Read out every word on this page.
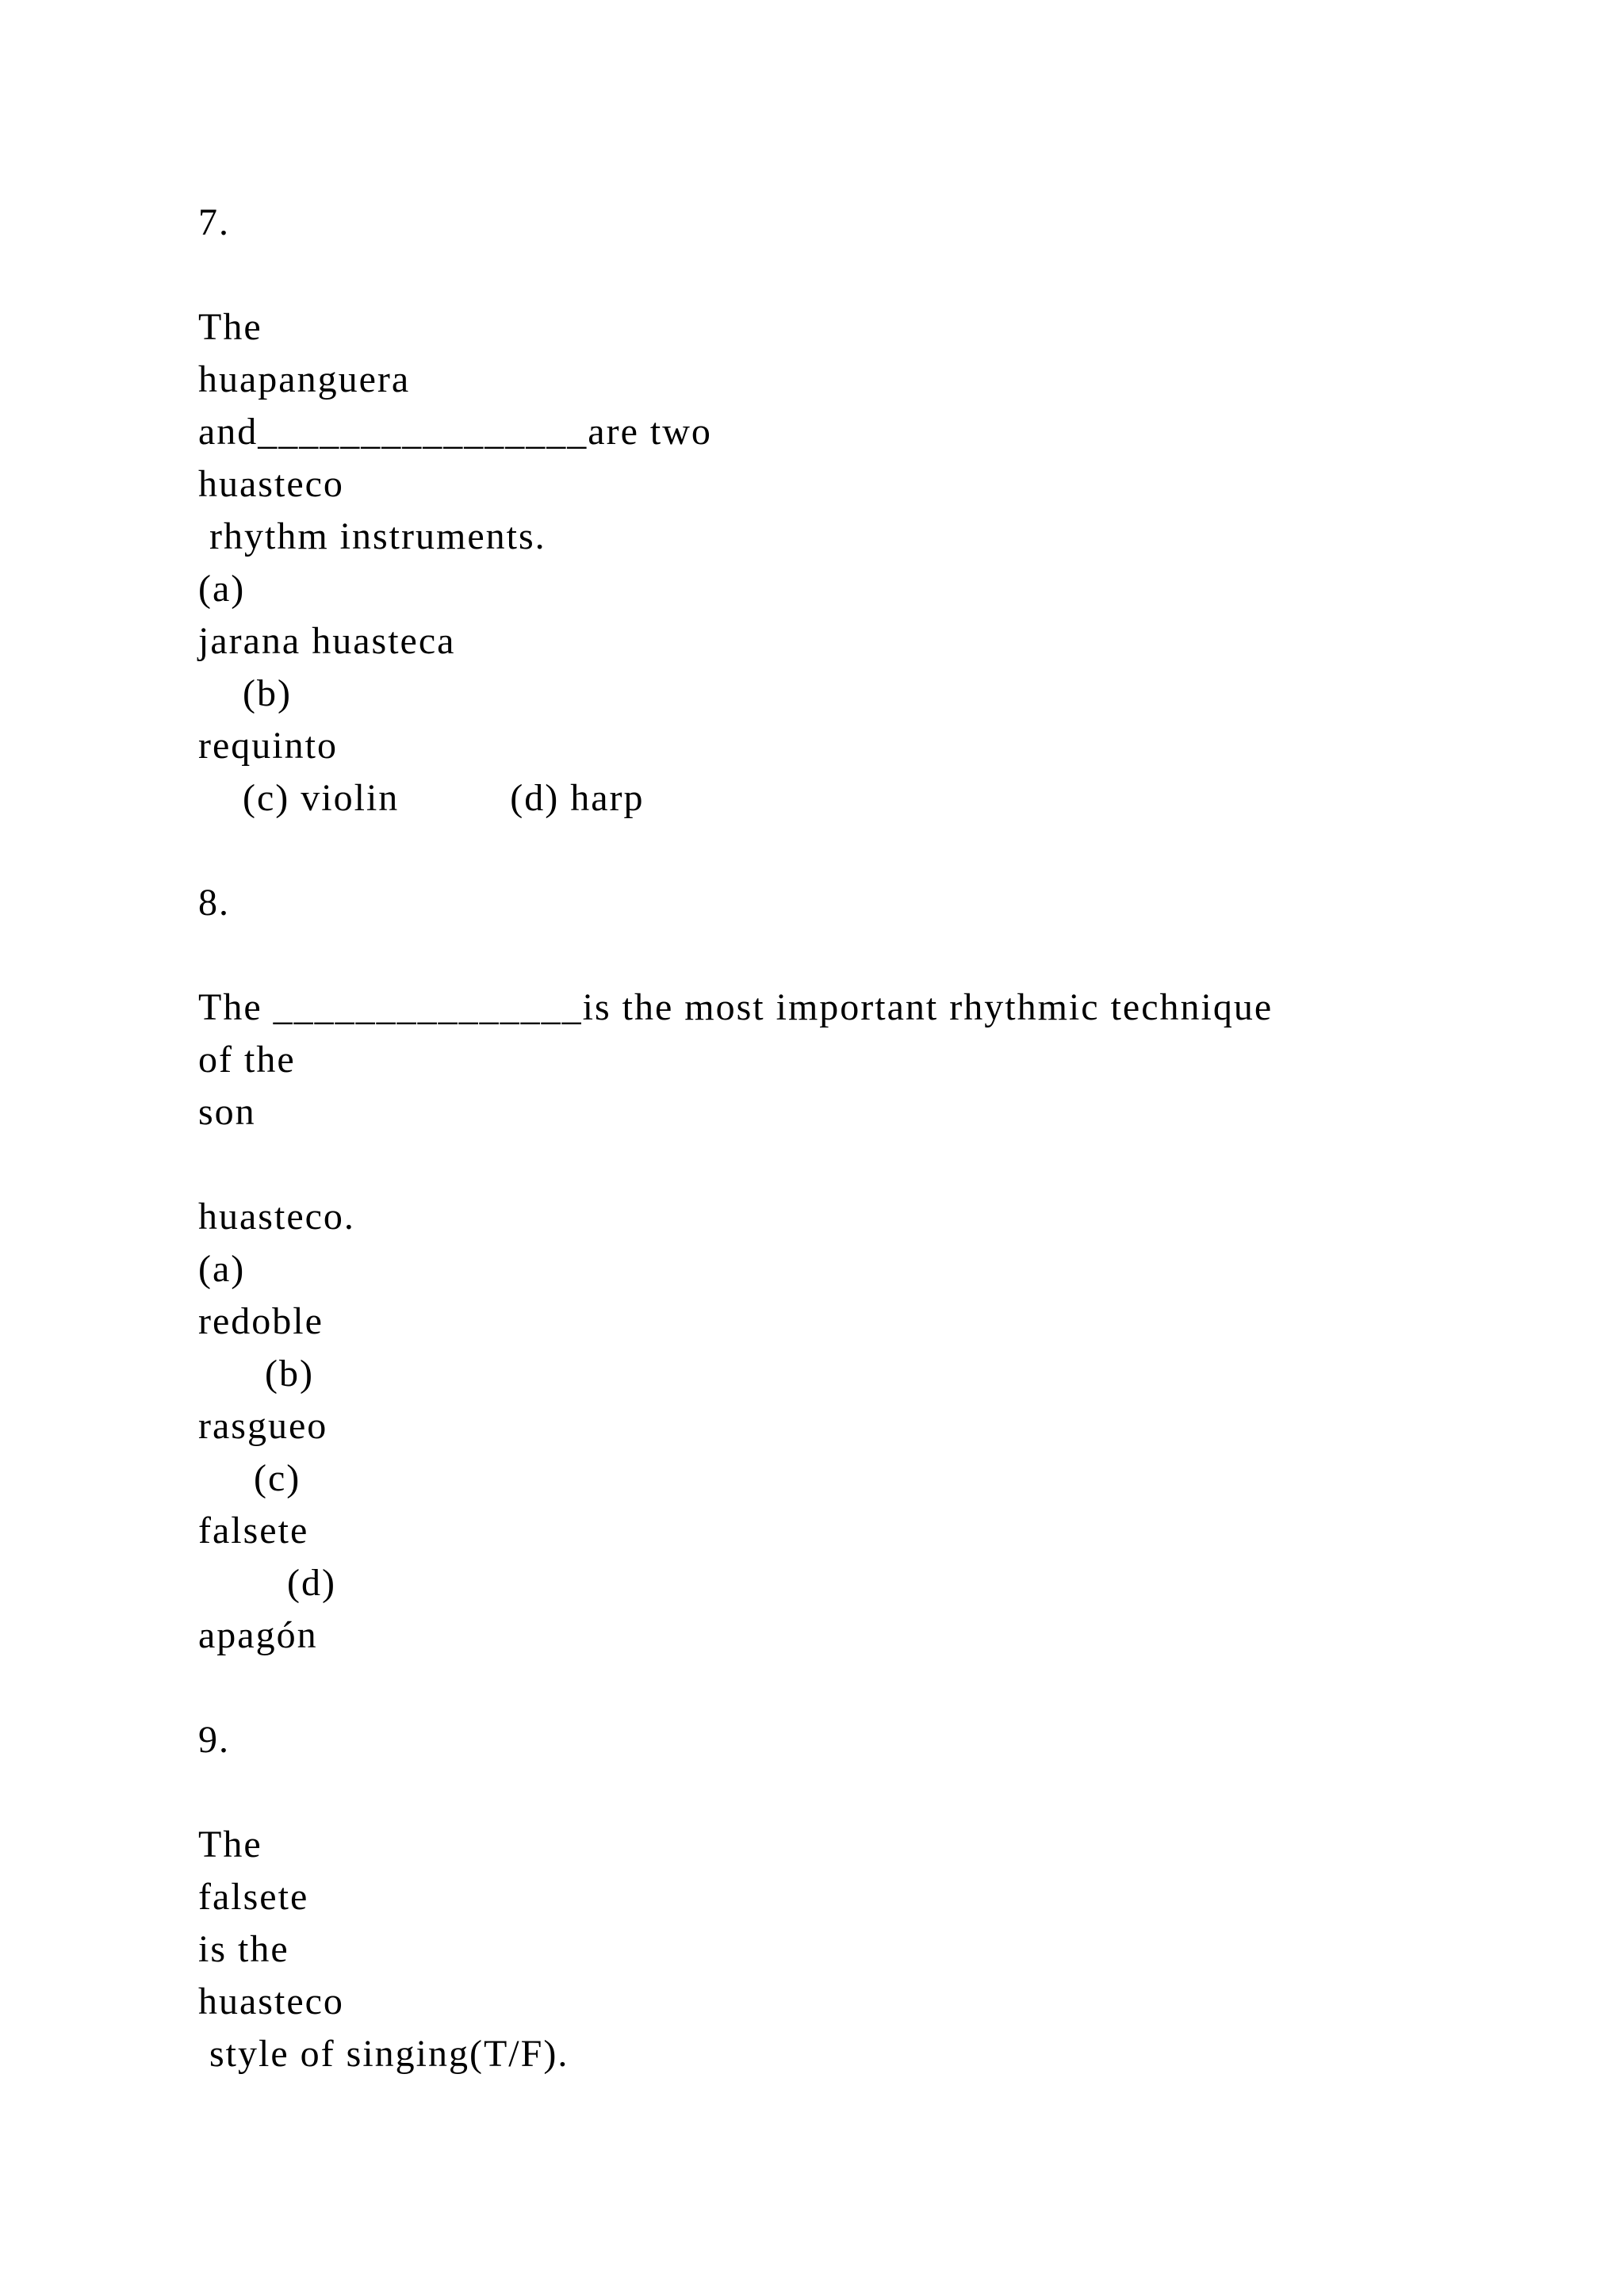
7.
The
huapanguera
and________________are two
huasteco
rhythm instruments.
(a)
jarana huasteca
(b)
requinto
(c) violin          (d) harp
8.
The _______________is the most important rhythmic technique
of the
son
huasteco.
(a)
redoble
(b)
rasgueo
(c)
falsete
(d)
apagón
9.
The
falsete
is the
huasteco
style of singing(T/F).
